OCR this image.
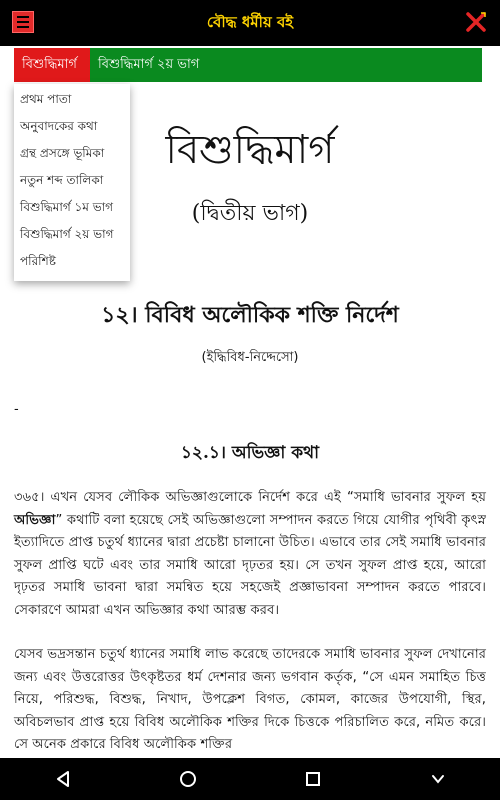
বৌদ্ধ ধর্মীয় বই
বিশুদ্ধিমার্গ	বিশুদ্ধিমার্গ ২য় ভাগ
প্রথম পাতা
অনুবাদকের কথা
গ্রন্থ প্রসঙ্গে ভূমিকা
নতুন শব্দ তালিকা
বিশুদ্ধিমার্গ ১ম ভাগ
বিশুদ্ধিমার্গ ২য় ভাগ
পরিশিষ্ট
বিশুদ্ধিমার্গ
(দ্বিতীয় ভাগ)
১২। বিবিধ অলৌকিক শক্তি নির্দেশ
(ইদ্ধিবিধ-নিদ্দেসো)
-
১২.১। অভিজ্ঞা কথা

৩৬৫। এখন যেসব লৌকিক অভিজ্ঞাগুলোকে নির্দেশ করে এই “সমাধি ভাবনার সুফল হয় অভিজ্ঞা” কথাটি বলা হয়েছে সেই অভিজ্ঞাগুলো সম্পাদন করতে গিয়ে যোগীর পৃথিবী কৃৎস্ন ইত্যাদিতে প্রাপ্ত চতুর্থ ধ্যানের দ্বারা প্রচেষ্টা চালানো উচিত। এভাবে তার সেই সমাধি ভাবনার সুফল প্রাপ্তি ঘটে এবং তার সমাধি আরো দৃঢ়তর হয়। সে তখন সুফল প্রাপ্ত হয়ে, আরো দৃঢ়তর সমাধি ভাবনা দ্বারা সমন্বিত হয়ে সহজেই প্রজ্ঞাভাবনা সম্পাদন করতে পারবে। সেকারণে আমরা এখন অভিজ্ঞার কথা আরম্ভ করব।

যেসব ভদ্রসন্তান চতুর্থ ধ্যানের সমাধি লাভ করেছে তাদেরকে সমাধি ভাবনার সুফল দেখানোর জন্য এবং উত্তরোত্তর উৎকৃষ্টতর ধর্ম দেশনার জন্য ভগবান কর্তৃক, “সে এমন সমাহিত চিত্ত নিয়ে, পরিশুদ্ধ, বিশুদ্ধ, নিখাদ, উপক্লেশ বিগত, কোমল, কাজের উপযোগী, স্থির, অবিচলভাব প্রাপ্ত হয়ে বিবিধ অলৌকিক শক্তির দিকে চিত্তকে পরিচালিত করে, নমিত করে। সে অনেক প্রকারে বিবিধ অলৌকিক শক্তির
